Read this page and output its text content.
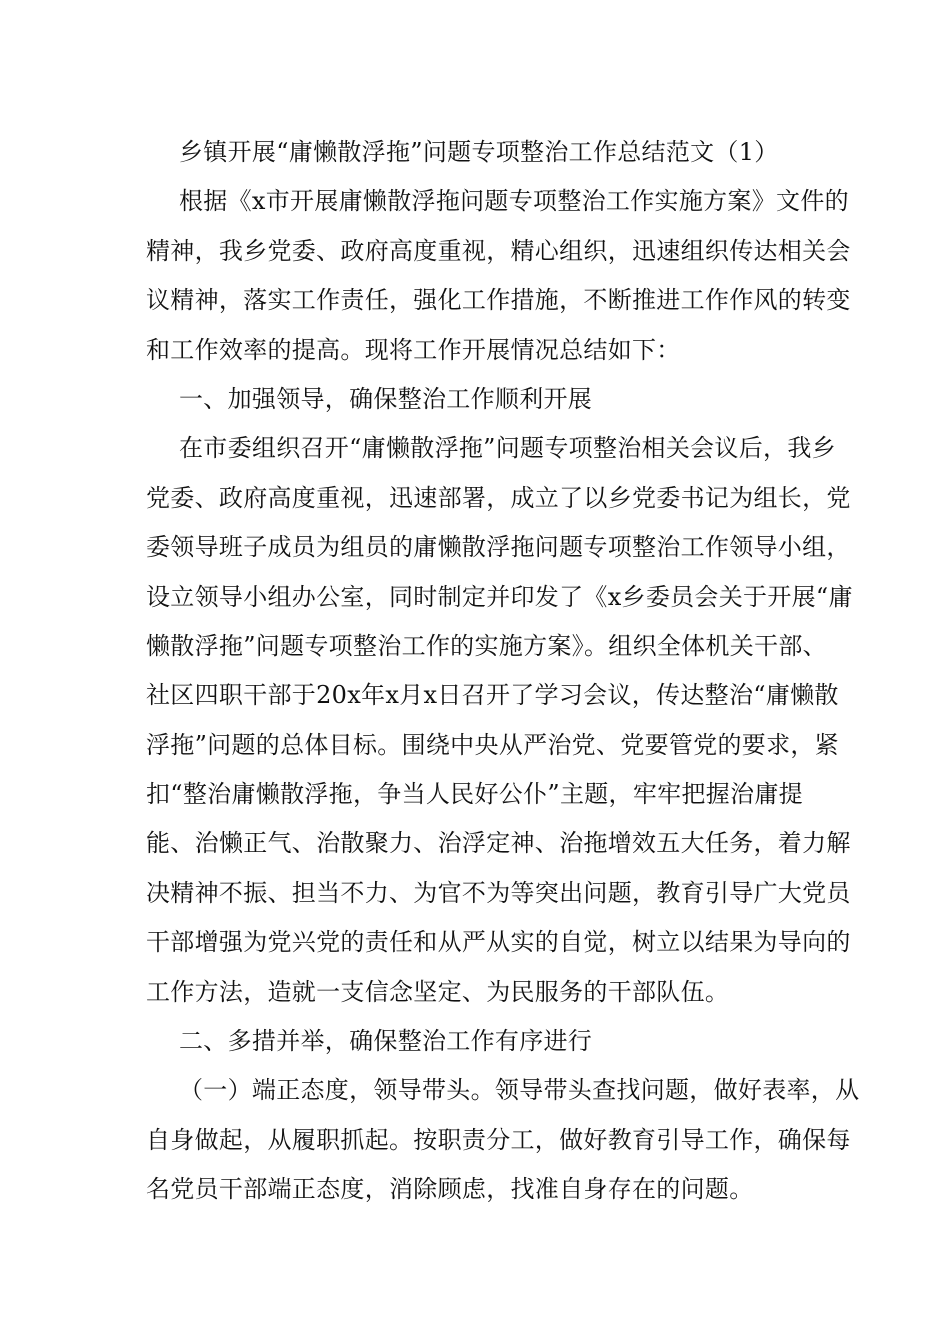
乡镇开展“庸懒散浮拖”问题专项整治工作总结范文（1）
根据《x市开展庸懒散浮拖问题专项整治工作实施方案》文件的
精神，我乡党委、政府高度重视，精心组织，迅速组织传达相关会
议精神，落实工作责任，强化工作措施，不断推进工作作风的转变
和工作效率的提高。现将工作开展情况总结如下：
一、加强领导，确保整治工作顺利开展
在市委组织召开“庸懒散浮拖”问题专项整治相关会议后，我乡
党委、政府高度重视，迅速部署，成立了以乡党委书记为组长，党
委领导班子成员为组员的庸懒散浮拖问题专项整治工作领导小组，
设立领导小组办公室，同时制定并印发了《x乡委员会关于开展“庸
懒散浮拖”问题专项整治工作的实施方案》。组织全体机关干部、
社区四职干部于20x年x月x日召开了学习会议，传达整治“庸懒散
浮拖”问题的总体目标。围绕中央从严治党、党要管党的要求，紧
扣“整治庸懒散浮拖，争当人民好公仆”主题，牢牢把握治庸提
能、治懒正气、治散聚力、治浮定神、治拖增效五大任务，着力解
决精神不振、担当不力、为官不为等突出问题，教育引导广大党员
干部增强为党兴党的责任和从严从实的自觉，树立以结果为导向的
工作方法，造就一支信念坚定、为民服务的干部队伍。
二、多措并举，确保整治工作有序进行
（一）端正态度，领导带头。领导带头查找问题，做好表率，从
自身做起，从履职抓起。按职责分工，做好教育引导工作，确保每
名党员干部端正态度，消除顾虑，找准自身存在的问题。
